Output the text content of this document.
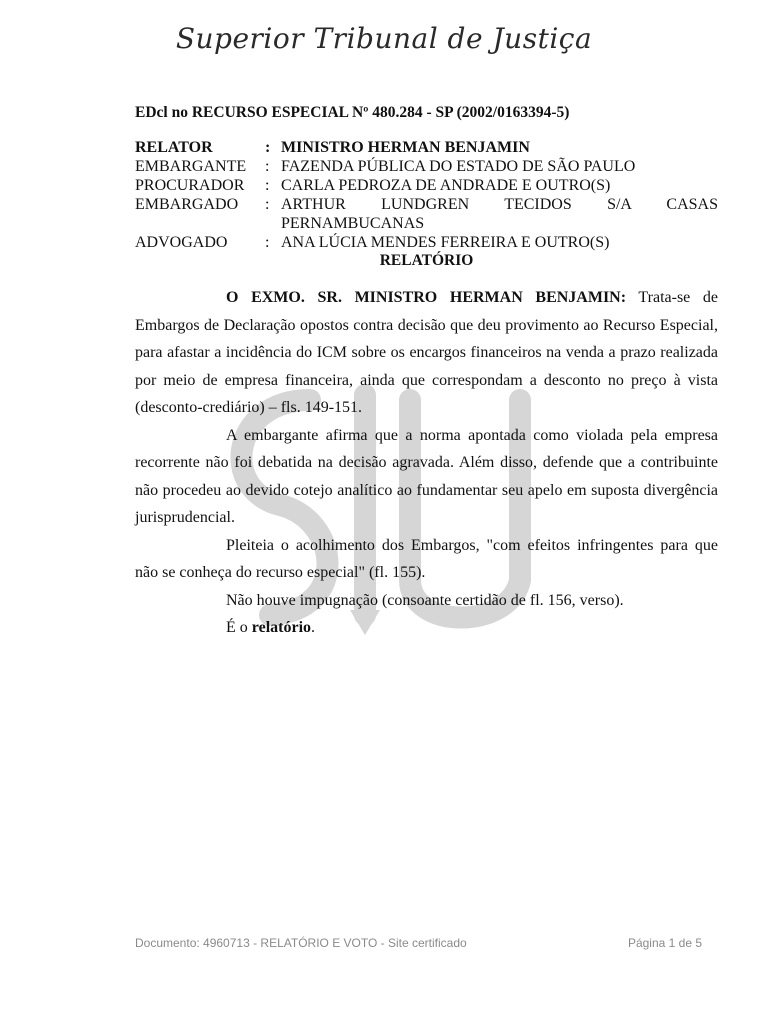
Superior Tribunal de Justiça
EDcl no RECURSO ESPECIAL Nº 480.284 - SP (2002/0163394-5)
RELATOR	: MINISTRO HERMAN BENJAMIN
EMBARGANTE	: FAZENDA PÚBLICA DO ESTADO DE SÃO PAULO
PROCURADOR	: CARLA PEDROZA DE ANDRADE E OUTRO(S)
EMBARGADO	: ARTHUR LUNDGREN TECIDOS S/A CASAS
PERNAMBUCANAS
ADVOGADO	: ANA LÚCIA MENDES FERREIRA E OUTRO(S)
RELATÓRIO

O EXMO. SR. MINISTRO HERMAN BENJAMIN: Trata-se de Embargos de Declaração opostos contra decisão que deu provimento ao Recurso Especial, para afastar a incidência do ICM sobre os encargos financeiros na venda a prazo realizada por meio de empresa financeira, ainda que correspondam a desconto no preço à vista (desconto-crediário) – fls. 149-151.

A embargante afirma que a norma apontada como violada pela empresa recorrente não foi debatida na decisão agravada. Além disso, defende que a contribuinte não procedeu ao devido cotejo analítico ao fundamentar seu apelo em suposta divergência jurisprudencial.

Pleiteia o acolhimento dos Embargos, "com efeitos infringentes para que não se conheça do recurso especial" (fl. 155).

Não houve impugnação (consoante certidão de fl. 156, verso).

É o relatório.

Documento: 4960713 - RELATÓRIO E VOTO - Site certificado	Página 1 de 5
